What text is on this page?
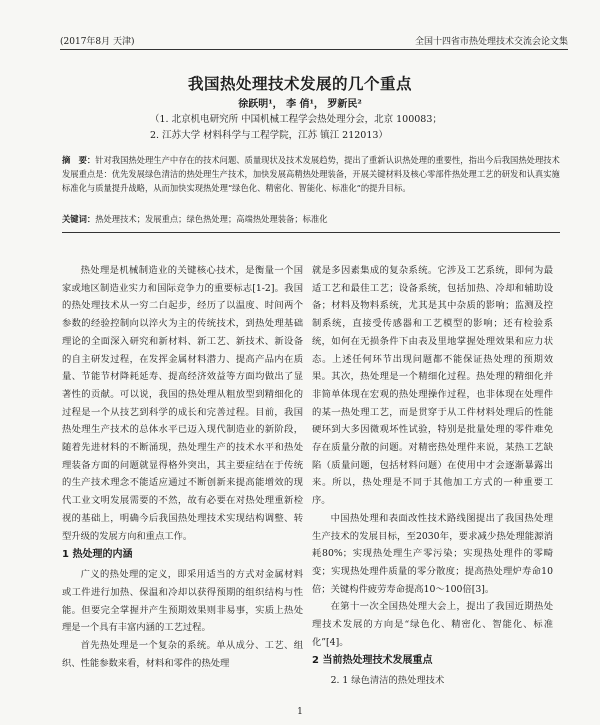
(2017年8月 天津)	全国十四省市热处理技术交流会论文集
我国热处理技术发展的几个重点
徐跃明¹， 李 俏¹， 罗新民²
（1. 北京机电研究所 中国机械工程学会热处理分会，北京 100083；
2. 江苏大学 材料科学与工程学院，江苏 镇江 212013）
摘　要：针对我国热处理生产中存在的技术问题、质量现状及技术发展趋势，提出了重新认识热处理的重要性，指出今后我国热处理技术发展重点是：优先发展绿色清洁的热处理生产技术，加快发展高精热处理装备，开展关键材料及核心零部件热处理工艺的研发和认真实施标准化与质量提升战略，从而加快实现热处理“绿色化、精密化、智能化、标准化”的提升目标。
关键词：热处理技术；发展重点；绿色热处理；高端热处理装备；标准化

热处理是机械制造业的关键核心技术，是衡量一个国家或地区制造业实力和国际竞争力的重要标志[1-2]。我国的热处理技术从一穷二白起步，经历了以温度、时间两个参数的经验控制向以淬火为主的传统技术，到热处理基础理论的全面深入研究和新材料、新工艺、新技术、新设备的自主研发过程，在发挥金属材料潜力、提高产品内在质量、节能节材降耗延寿、提高经济效益等方面均做出了显著性的贡献。可以说，我国的热处理从粗放型到精细化的过程是一个从技艺到科学的成长和完善过程。目前，我国热处理生产技术的总体水平已迈入现代制造业的新阶段，随着先进材料的不断涌现，热处理生产的技术水平和热处理装备方面的问题就显得格外突出，其主要症结在于传统的生产技术理念不能适应通过不断创新来提高能增效的现代工业文明发展需要的不然，故有必要在对热处理重新检视的基础上，明确今后我国热处理技术实现结构调整、转型升级的发展方向和重点工作。

1 热处理的内涵

广义的热处理的定义，即采用适当的方式对金属材料或工件进行加热、保温和冷却以获得预期的组织结构与性能。但要完全掌握并产生预期效果则非易事，实质上热处理是一个具有丰富内涵的工艺过程。

首先热处理是一个复杂的系统。单从成分、工艺、组织、性能参数来看，材料和零件的热处理

就是多因素集成的复杂系统。它涉及工艺系统，即何为最适工艺和最佳工艺；设备系统，包括加热、冷却和辅助设备；材料及物料系统，尤其是其中杂质的影响；监测及控制系统，直接受传感器和工艺模型的影响；还有检验系统，如何在无损条件下由表及里地掌握处理效果和应力状态。上述任何环节出现问题都不能保证热处理的预期效果。其次，热处理是一个精细化过程。热处理的精细化并非简单体现在宏观的热处理操作过程，也非体现在处理件的某一热处理工艺，而是贯穿于从工件材料处理后的性能硬环到大多因微观坏性试验，特别是批量处理的零件难免存在质量分散的问题。对精密热处理件来说，某热工艺缺陷（质量问题，包括材料问题）在使用中才会逐渐暴露出来。所以，热处理是不同于其他加工方式的一种重要工序。

中国热处理和表面改性技术路线图提出了我国热处理生产技术的发展目标，至2030年，要求减少热处理能源消耗80%；实现热处理生产零污染；实现热处理件的零畸变；实现热处理件质量的零分散度；提高热处理炉寿命10倍；关键构件疲劳寿命提高10～100倍[3]。

在第十一次全国热处理大会上，提出了我国近期热处理技术发展的方向是“绿色化、精密化、智能化、标准化”[4]。

2 当前热处理技术发展重点
2. 1 绿色清洁的热处理技术
1
